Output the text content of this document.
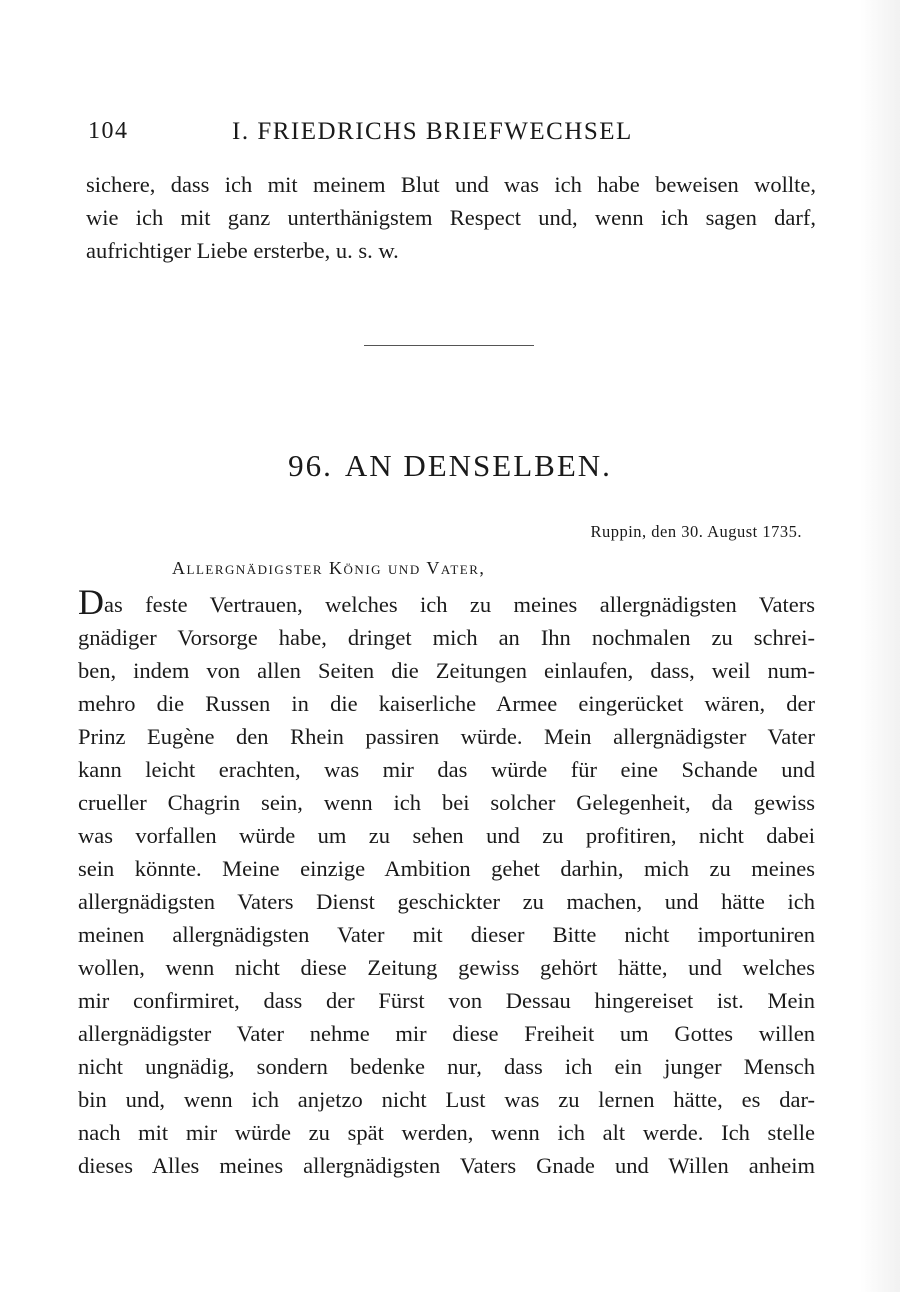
104	I. FRIEDRICHS BRIEFWECHSEL
sichere, dass ich mit meinem Blut und was ich habe beweisen wollte,
wie ich mit ganz unterthänigstem Respect und, wenn ich sagen darf,
aufrichtiger Liebe ersterbe, u. s. w.
96. AN DENSELBEN.
Ruppin, den 30. August 1735.
Allergnädigster König und Vater,
Das feste Vertrauen, welches ich zu meines allergnädigsten Vaters
gnädiger Vorsorge habe, dringet mich an Ihn nochmalen zu schrei-
ben, indem von allen Seiten die Zeitungen einlaufen, dass, weil num-
mehro die Russen in die kaiserliche Armee eingerücket wären, der
Prinz Eugène den Rhein passiren würde. Mein allergnädigster Vater
kann leicht erachten, was mir das würde für eine Schande und
crueller Chagrin sein, wenn ich bei solcher Gelegenheit, da gewiss
was vorfallen würde um zu sehen und zu profitiren, nicht dabei
sein könnte. Meine einzige Ambition gehet darhin, mich zu meines
allergnädigsten Vaters Dienst geschickter zu machen, und hätte ich
meinen allergnädigsten Vater mit dieser Bitte nicht importuniren
wollen, wenn nicht diese Zeitung gewiss gehört hätte, und welches
mir confirmiret, dass der Fürst von Dessau hingereiset ist. Mein
allergnädigster Vater nehme mir diese Freiheit um Gottes willen
nicht ungnädig, sondern bedenke nur, dass ich ein junger Mensch
bin und, wenn ich anjetzo nicht Lust was zu lernen hätte, es dar-
nach mit mir würde zu spät werden, wenn ich alt werde. Ich stelle
dieses Alles meines allergnädigsten Vaters Gnade und Willen anheim
